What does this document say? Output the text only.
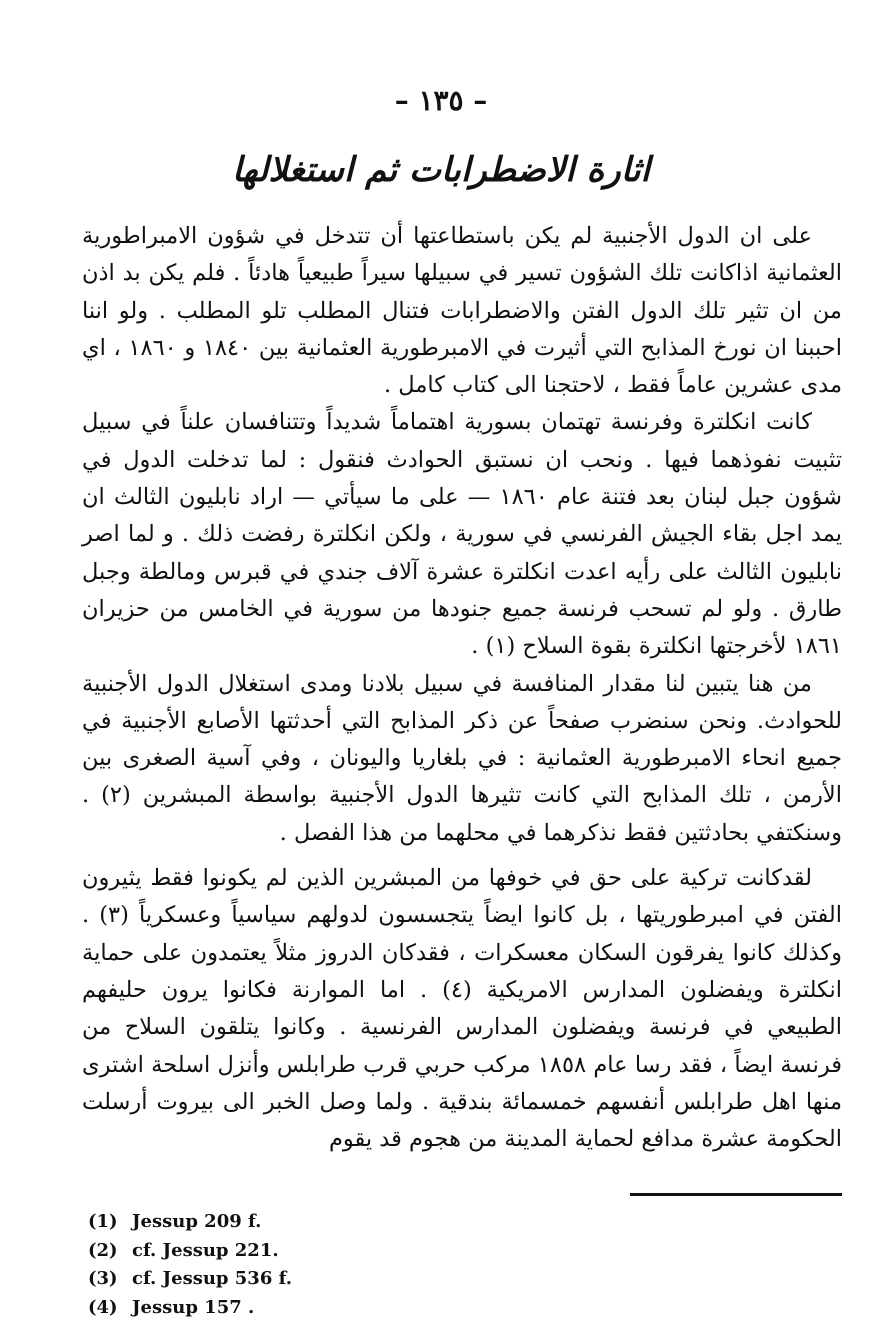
– ١٣٥ –
اثارة الاضطرابات ثم استغلالها

على ان الدول الأجنبية لم يكن باستطاعتها أن تتدخل في شؤون الامبراطورية العثمانية اذاكانت تلك الشؤون تسير في سبيلها سيراً طبيعياً هادئاً . فلم يكن بد اذن من ان تثير تلك الدول الفتن والاضطرابات فتنال المطلب تلو المطلب . ولو اننا احببنا ان نورخ المذابح التي أثيرت في الامبرطورية العثمانية بين ١٨٤٠ و ١٨٦٠ ، اي مدى عشرين عاماً فقط ، لاحتجنا الى كتاب كامل .

كانت انكلترة وفرنسة تهتمان بسورية اهتماماً شديداً وتتنافسان علناً في سبيل تثبيت نفوذهما فيها . ونحب ان نستبق الحوادث فنقول : لما تدخلت الدول في شؤون جبل لبنان بعد فتنة عام ١٨٦٠ — على ما سيأتي — اراد نابليون الثالث ان يمد اجل بقاء الجيش الفرنسي في سورية ، ولكن انكلترة رفضت ذلك . و لما اصر نابليون الثالث على رأيه اعدت انكلترة عشرة آلاف جندي في قبرس ومالطة وجبل طارق . ولو لم تسحب فرنسة جميع جنودها من سورية في الخامس من حزيران ١٨٦١ لأخرجتها انكلترة بقوة السلاح (١) .

من هنا يتبين لنا مقدار المنافسة في سبيل بلادنا ومدى استغلال الدول الأجنبية للحوادث. ونحن سنضرب صفحاً عن ذكر المذابح التي أحدثتها الأصابع الأجنبية في جميع انحاء الامبرطورية العثمانية : في بلغاريا واليونان ، وفي آسية الصغرى بين الأرمن ، تلك المذابح التي كانت تثيرها الدول الأجنبية بواسطة المبشرين (٢) . وسنكتفي بحادثتين فقط نذكرهما في محلهما من هذا الفصل .

لقدكانت تركية على حق في خوفها من المبشرين الذين لم يكونوا فقط يثيرون الفتن في امبرطوريتها ، بل كانوا ايضاً يتجسسون لدولهم سياسياً وعسكرياً (٣) . وكذلك كانوا يفرقون السكان معسكرات ، فقدكان الدروز مثلاً يعتمدون على حماية انكلترة ويفضلون المدارس الامريكية (٤) . اما الموارنة فكانوا يرون حليفهم الطبيعي في فرنسة ويفضلون المدارس الفرنسية . وكانوا يتلقون السلاح من فرنسة ايضاً ، فقد رسا عام ١٨٥٨ مركب حربي قرب طرابلس وأنزل اسلحة اشترى منها اهل طرابلس أنفسهم خمسمائة بندقية . ولما وصل الخبر الى بيروت أرسلت الحكومة عشرة مدافع لحماية المدينة من هجوم قد يقوم

(1) Jessup 209 f.
(2) cf. Jessup 221.
(3) cf. Jessup 536 f.
(4) Jessup 157 .
